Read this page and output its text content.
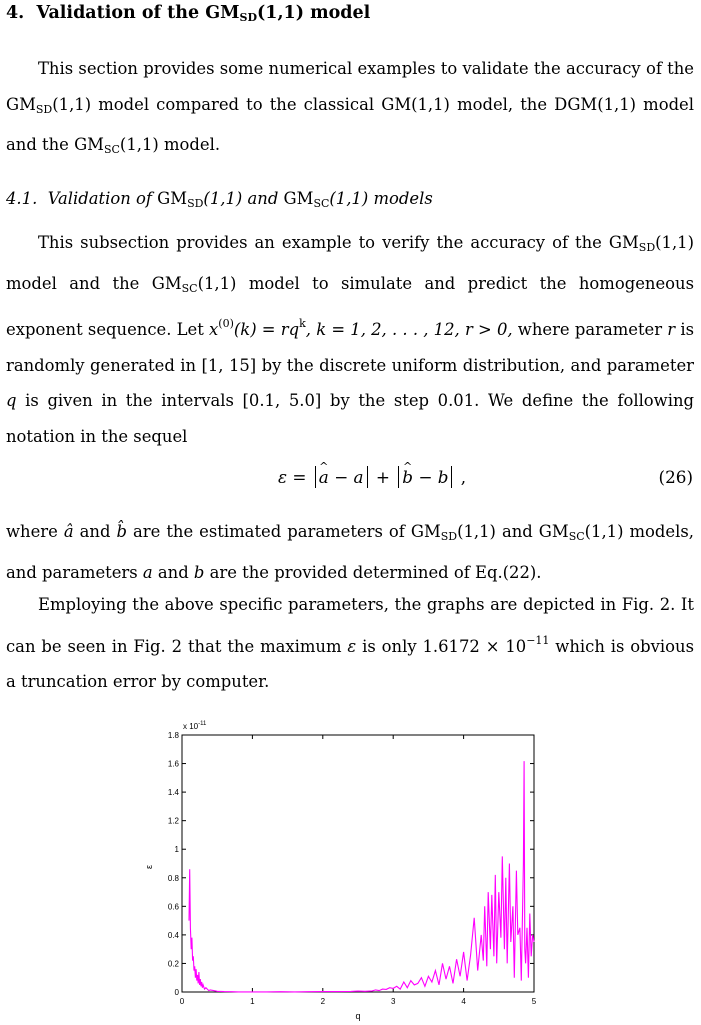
4. Validation of the $GM_{SD}(1,1)$ model

This section provides some numerical examples to validate the accuracy of the $GM_{SD}(1,1)$ model compared to the classical GM(1,1) model, the DGM(1,1) model and the $GM_{SC}(1,1)$ model.

4.1. Validation of $GM_{SD}(1,1)$ and $GM_{SC}(1,1)$ models

This subsection provides an example to verify the accuracy of the $GM_{SD}(1,1)$ model and the $GM_{SC}(1,1)$ model to simulate and predict the homogeneous exponent sequence. Let $x^{(0)}(k) = rq^k$, k = 1, 2, . . . , 12, r > 0, where parameter r is randomly generated in [1, 15] by the discrete uniform distribution, and parameter q is given in the intervals [0.1, 5.0] by the step 0.01. We define the following notation in the sequel

ε = ^ a − a + ^ b − b ,	(26)

where â and b̂ are the estimated parameters of $GM_{SD}(1,1)$ and $GM_{SC}(1,1)$ models, and parameters a and b are the provided determined of Eq.(22).

Employing the above specific parameters, the graphs are depicted in Fig. 2. It can be seen in Fig. 2 that the maximum ε is only $1.6172 \times 10^{-11}$ which is obvious a truncation error by computer.

0	1	2	3	4	5
0
0.2
0.4
0.6
0.8
1
1.2
1.4
1.6
1.8
x $10^{-11}$
q
ε
